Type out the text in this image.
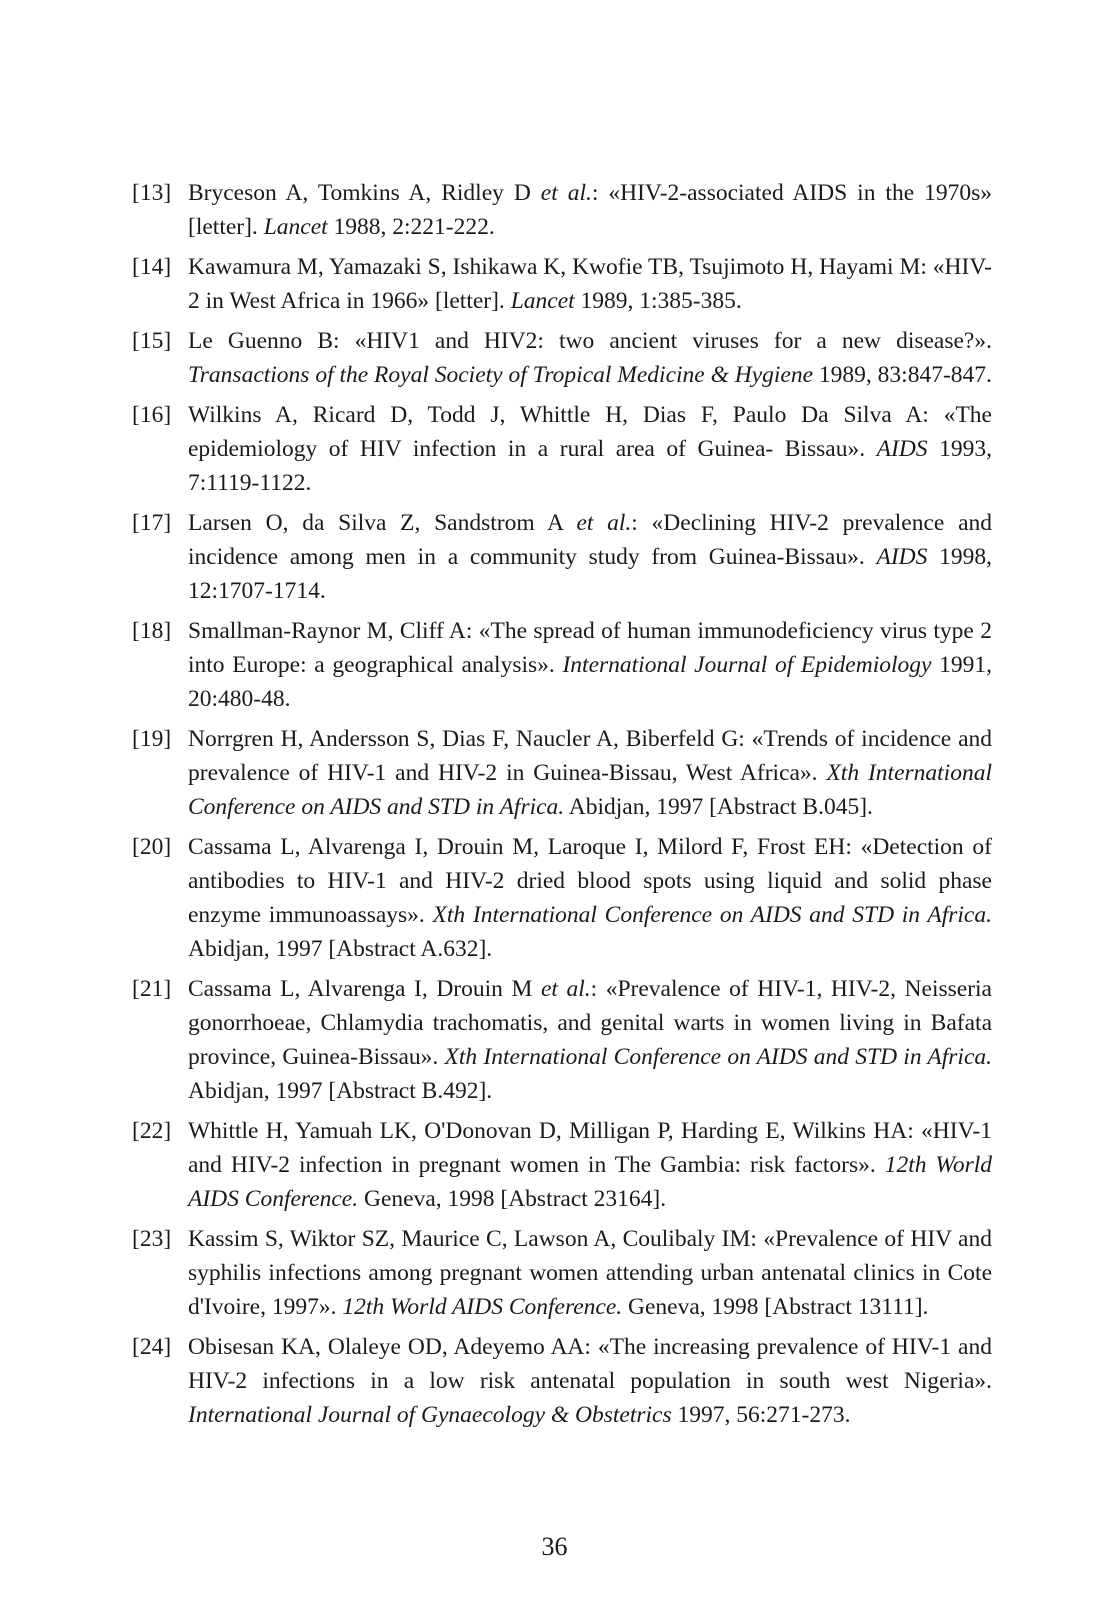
[13] Bryceson A, Tomkins A, Ridley D et al.: «HIV-2-associated AIDS in the 1970s» [letter]. Lancet 1988, 2:221-222.
[14] Kawamura M, Yamazaki S, Ishikawa K, Kwofie TB, Tsujimoto H, Hayami M: «HIV-2 in West Africa in 1966» [letter]. Lancet 1989, 1:385-385.
[15] Le Guenno B: «HIV1 and HIV2: two ancient viruses for a new disease?». Transactions of the Royal Society of Tropical Medicine & Hygiene 1989, 83:847-847.
[16] Wilkins A, Ricard D, Todd J, Whittle H, Dias F, Paulo Da Silva A: «The epidemiology of HIV infection in a rural area of Guinea- Bissau». AIDS 1993, 7:1119-1122.
[17] Larsen O, da Silva Z, Sandstrom A et al.: «Declining HIV-2 prevalence and incidence among men in a community study from Guinea-Bissau». AIDS 1998, 12:1707-1714.
[18] Smallman-Raynor M, Cliff A: «The spread of human immunodeficiency virus type 2 into Europe: a geographical analysis». International Journal of Epidemiology 1991, 20:480-48.
[19] Norrgren H, Andersson S, Dias F, Naucler A, Biberfeld G: «Trends of incidence and prevalence of HIV-1 and HIV-2 in Guinea-Bissau, West Africa». Xth International Conference on AIDS and STD in Africa. Abidjan, 1997 [Abstract B.045].
[20] Cassama L, Alvarenga I, Drouin M, Laroque I, Milord F, Frost EH: «Detection of antibodies to HIV-1 and HIV-2 dried blood spots using liquid and solid phase enzyme immunoassays». Xth International Conference on AIDS and STD in Africa. Abidjan, 1997 [Abstract A.632].
[21] Cassama L, Alvarenga I, Drouin M et al.: «Prevalence of HIV-1, HIV-2, Neisseria gonorrhoeae, Chlamydia trachomatis, and genital warts in women living in Bafata province, Guinea-Bissau». Xth International Conference on AIDS and STD in Africa. Abidjan, 1997 [Abstract B.492].
[22] Whittle H, Yamuah LK, O'Donovan D, Milligan P, Harding E, Wilkins HA: «HIV-1 and HIV-2 infection in pregnant women in The Gambia: risk factors». 12th World AIDS Conference. Geneva, 1998 [Abstract 23164].
[23] Kassim S, Wiktor SZ, Maurice C, Lawson A, Coulibaly IM: «Prevalence of HIV and syphilis infections among pregnant women attending urban antenatal clinics in Cote d'Ivoire, 1997». 12th World AIDS Conference. Geneva, 1998 [Abstract 13111].
[24] Obisesan KA, Olaleye OD, Adeyemo AA: «The increasing prevalence of HIV-1 and HIV-2 infections in a low risk antenatal population in south west Nigeria». International Journal of Gynaecology & Obstetrics 1997, 56:271-273.
36
